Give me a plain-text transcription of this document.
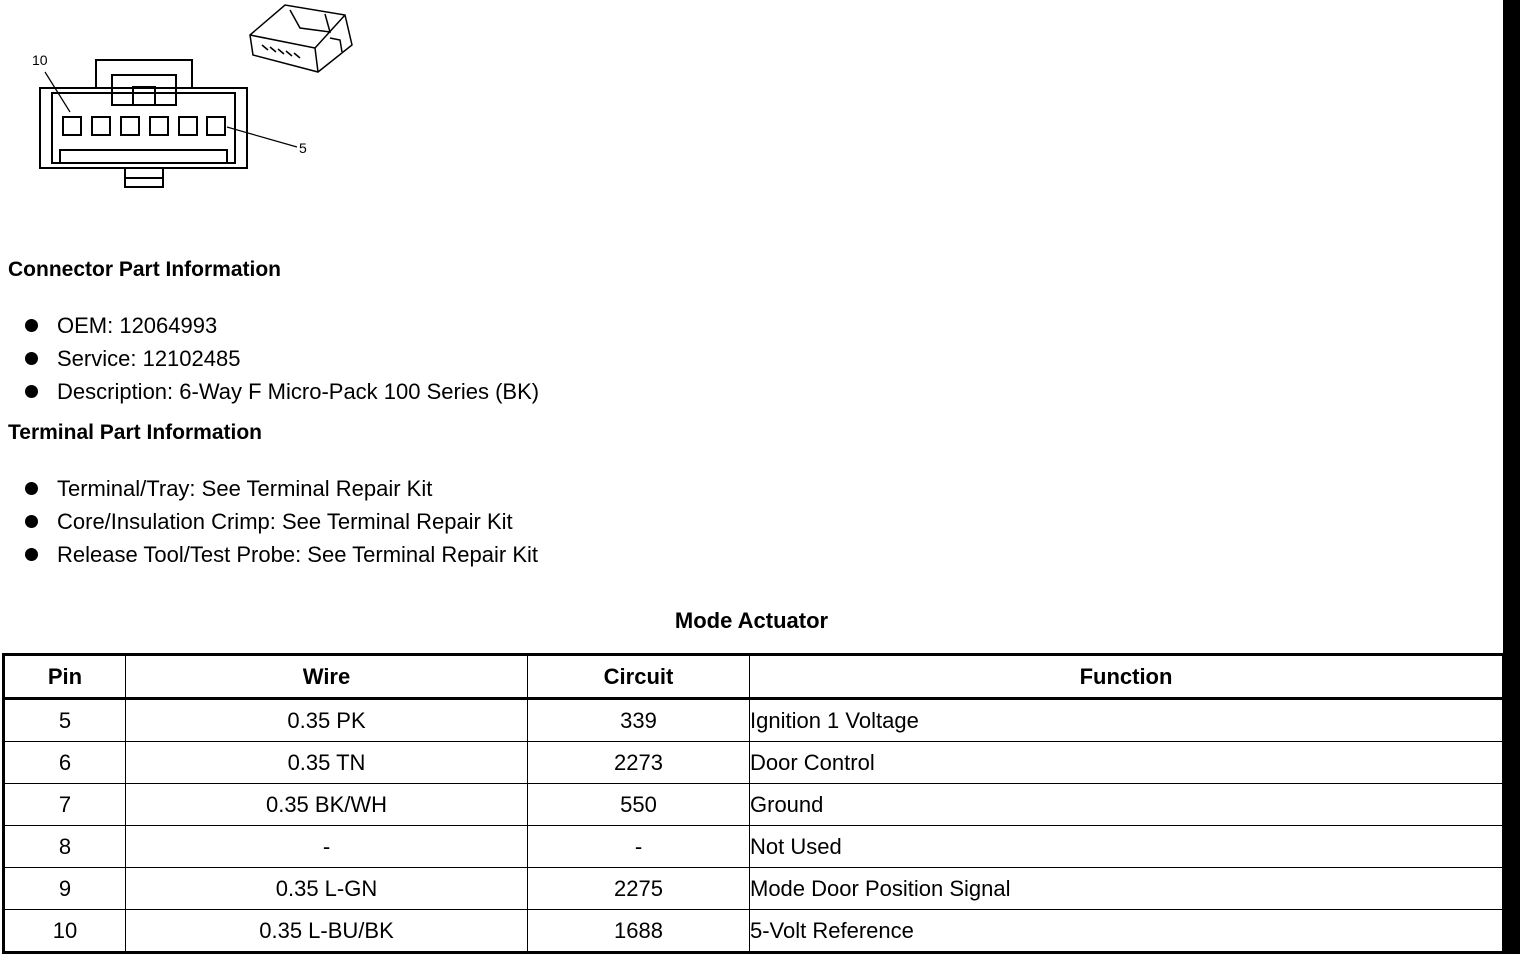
10
5
Connector Part Information
OEM: 12064993
Service: 12102485
Description: 6-Way F Micro-Pack 100 Series (BK)
Terminal Part Information
Terminal/Tray: See Terminal Repair Kit
Core/Insulation Crimp: See Terminal Repair Kit
Release Tool/Test Probe: See Terminal Repair Kit
Mode Actuator
Pin	Wire	Circuit	Function
5	0.35 PK	339	Ignition 1 Voltage
6	0.35 TN	2273	Door Control
7	0.35 BK/WH	550	Ground
8	-	-	Not Used
9	0.35 L-GN	2275	Mode Door Position Signal
10	0.35 L-BU/BK	1688	5-Volt Reference
